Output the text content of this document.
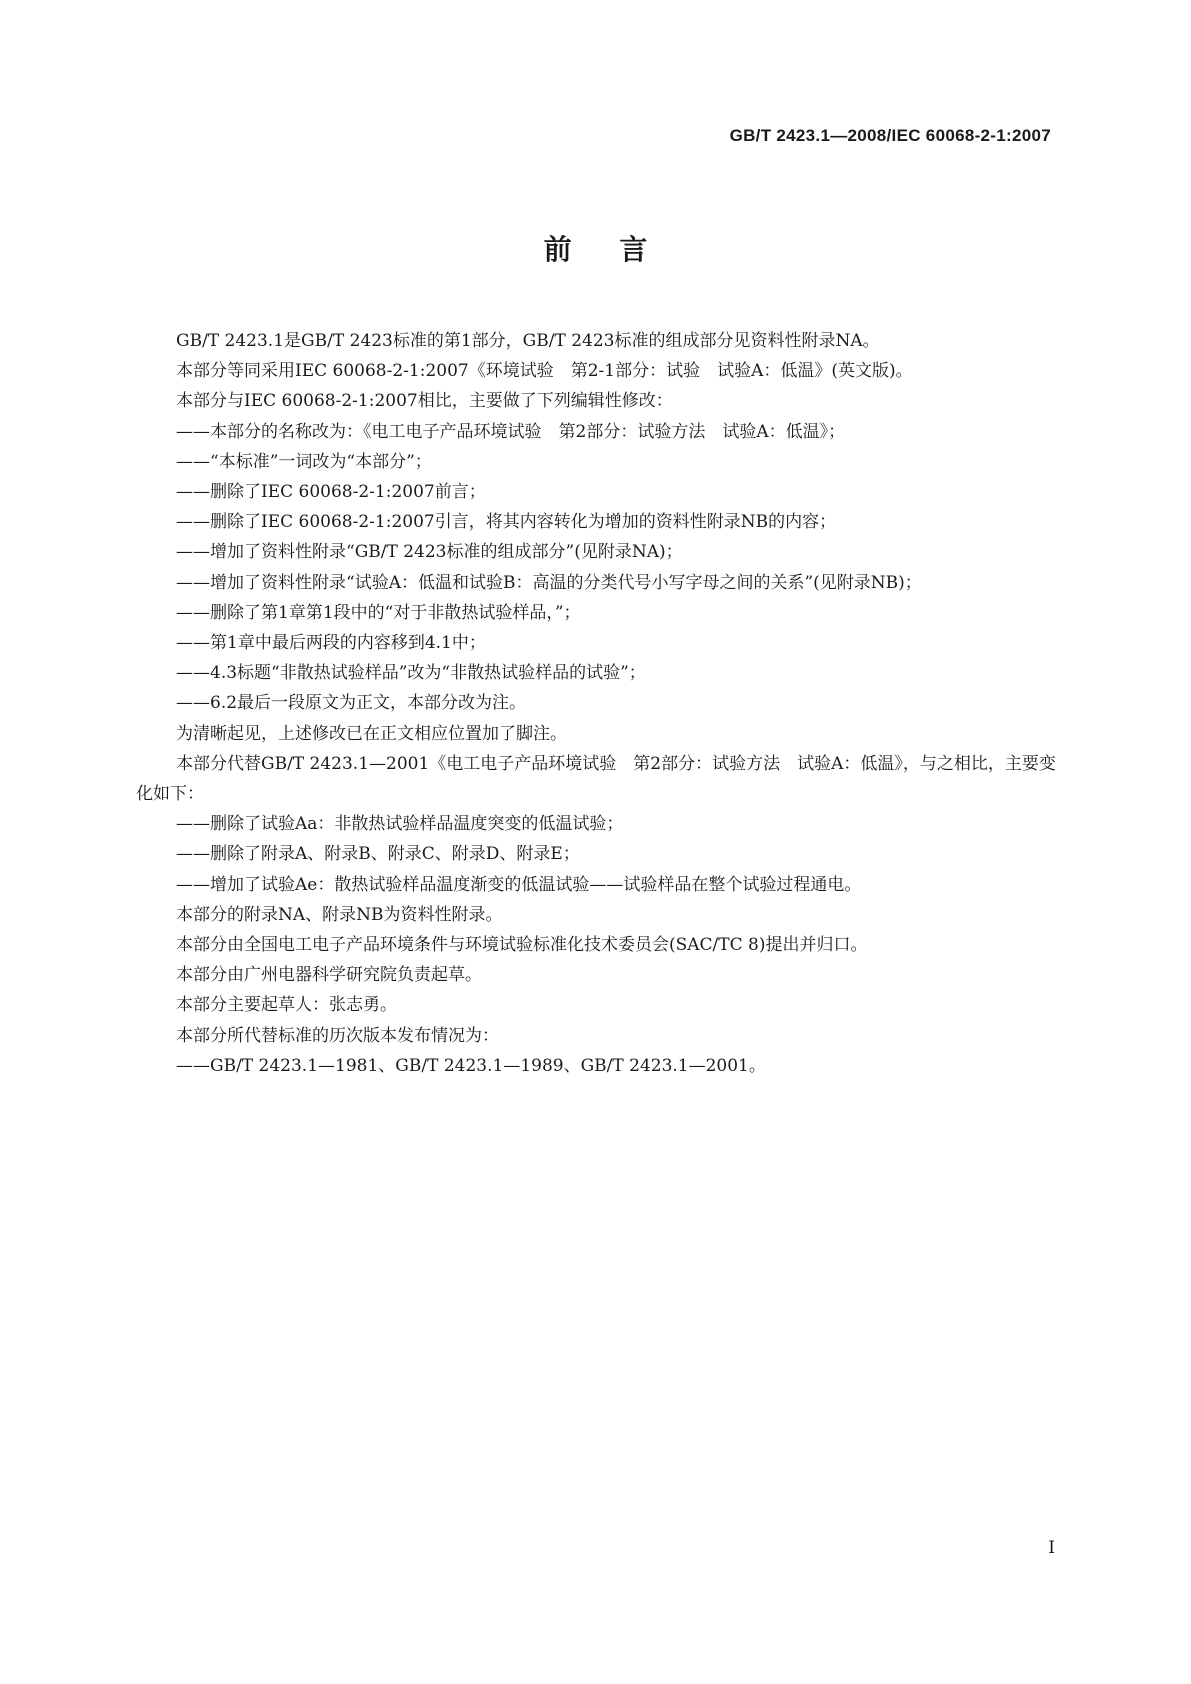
GB/T 2423.1—2008/IEC 60068-2-1:2007
前 言

GB/T 2423.1是GB/T 2423标准的第1部分，GB/T 2423标准的组成部分见资料性附录NA。

本部分等同采用IEC 60068-2-1:2007《环境试验　第2-1部分：试验　试验A：低温》(英文版)。

本部分与IEC 60068-2-1:2007相比，主要做了下列编辑性修改：

——本部分的名称改为：《电工电子产品环境试验　第2部分：试验方法　试验A：低温》；

——“本标准”一词改为“本部分”；

——删除了IEC 60068-2-1:2007前言；

——删除了IEC 60068-2-1:2007引言，将其内容转化为增加的资料性附录NB的内容；

——增加了资料性附录“GB/T 2423标准的组成部分”(见附录NA)；

——增加了资料性附录“试验A：低温和试验B：高温的分类代号小写字母之间的关系”(见附录NB)；

——删除了第1章第1段中的“对于非散热试验样品，”；

——第1章中最后两段的内容移到4.1中；

——4.3标题“非散热试验样品”改为“非散热试验样品的试验”；

——6.2最后一段原文为正文，本部分改为注。

为清晰起见，上述修改已在正文相应位置加了脚注。

本部分代替GB/T 2423.1—2001《电工电子产品环境试验　第2部分：试验方法　试验A：低温》，与之相比，主要变化如下：

——删除了试验Aa：非散热试验样品温度突变的低温试验；

——删除了附录A、附录B、附录C、附录D、附录E；

——增加了试验Ae：散热试验样品温度渐变的低温试验——试验样品在整个试验过程通电。

本部分的附录NA、附录NB为资料性附录。

本部分由全国电工电子产品环境条件与环境试验标准化技术委员会(SAC/TC 8)提出并归口。

本部分由广州电器科学研究院负责起草。

本部分主要起草人：张志勇。

本部分所代替标准的历次版本发布情况为：

——GB/T 2423.1—1981、GB/T 2423.1—1989、GB/T 2423.1—2001。

I
